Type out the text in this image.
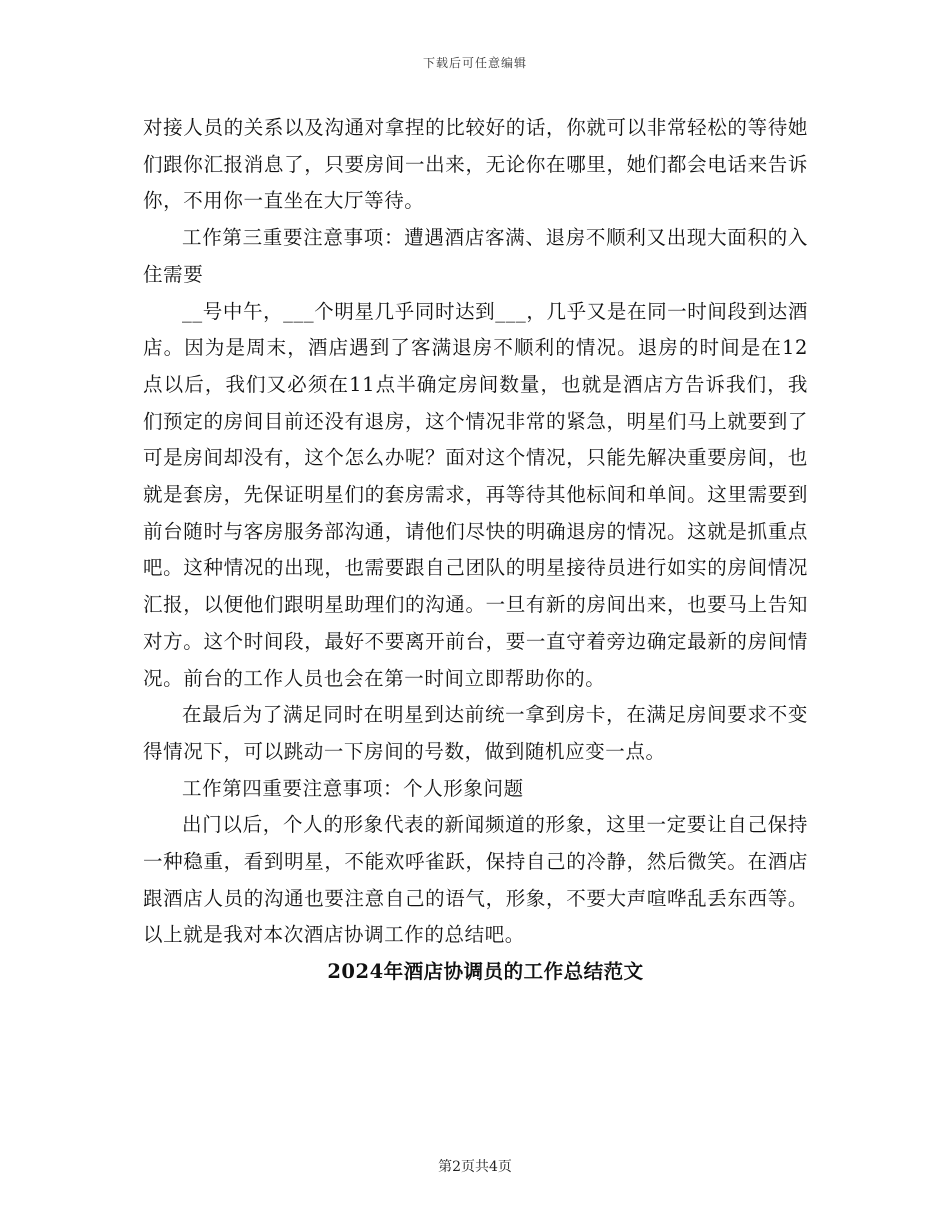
下载后可任意编辑

对接人员的关系以及沟通对拿捏的比较好的话，你就可以非常轻松的等待她们跟你汇报消息了，只要房间一出来，无论你在哪里，她们都会电话来告诉你，不用你一直坐在大厅等待。

工作第三重要注意事项：遭遇酒店客满、退房不顺利又出现大面积的入住需要

__号中午，___个明星几乎同时达到___，几乎又是在同一时间段到达酒店。因为是周末，酒店遇到了客满退房不顺利的情况。退房的时间是在12点以后，我们又必须在11点半确定房间数量，也就是酒店方告诉我们，我们预定的房间目前还没有退房，这个情况非常的紧急，明星们马上就要到了可是房间却没有，这个怎么办呢？面对这个情况，只能先解决重要房间，也就是套房，先保证明星们的套房需求，再等待其他标间和单间。这里需要到前台随时与客房服务部沟通，请他们尽快的明确退房的情况。这就是抓重点吧。这种情况的出现，也需要跟自己团队的明星接待员进行如实的房间情况汇报，以便他们跟明星助理们的沟通。一旦有新的房间出来，也要马上告知对方。这个时间段，最好不要离开前台，要一直守着旁边确定最新的房间情况。前台的工作人员也会在第一时间立即帮助你的。

在最后为了满足同时在明星到达前统一拿到房卡，在满足房间要求不变得情况下，可以跳动一下房间的号数，做到随机应变一点。

工作第四重要注意事项：个人形象问题

出门以后，个人的形象代表的新闻频道的形象，这里一定要让自己保持一种稳重，看到明星，不能欢呼雀跃，保持自己的冷静，然后微笑。在酒店跟酒店人员的沟通也要注意自己的语气，形象，不要大声喧哗乱丢东西等。以上就是我对本次酒店协调工作的总结吧。

2024年酒店协调员的工作总结范文

第2页共4页
